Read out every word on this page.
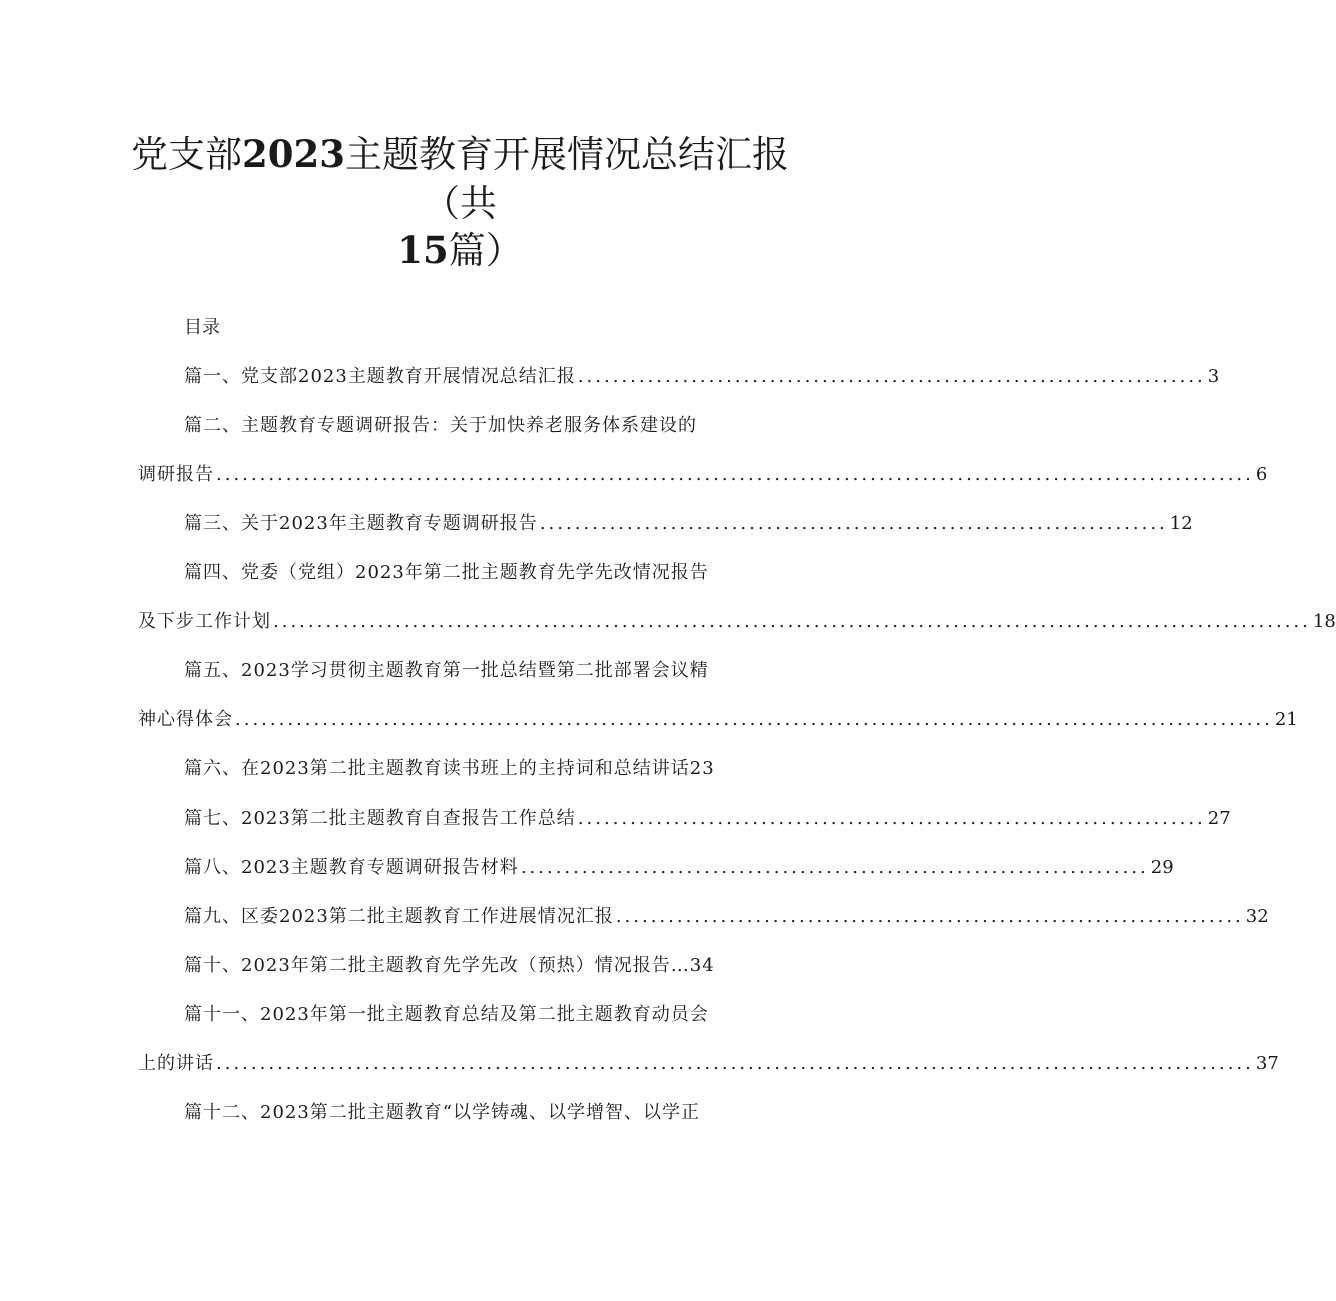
党支部2023主题教育开展情况总结汇报
（共
15篇）
目录
篇一、党支部2023主题教育开展情况总结汇报 ........................................................................ 3
篇二、主题教育专题调研报告：关于加快养老服务体系建设的
调研报告 ....................................................................................................................... 6
篇三、关于2023年主题教育专题调研报告 ........................................................................ 12
篇四、党委（党组）2023年第二批主题教育先学先改情况报告
及下步工作计划 ....................................................................................................................... 18
篇五、2023学习贯彻主题教育第一批总结暨第二批部署会议精
神心得体会 ....................................................................................................................... 21
篇六、在2023第二批主题教育读书班上的主持词和总结讲话23
篇七、2023第二批主题教育自查报告工作总结 ........................................................................ 27
篇八、2023主题教育专题调研报告材料 ........................................................................ 29
篇九、区委2023第二批主题教育工作进展情况汇报 ........................................................................ 32
篇十、2023年第二批主题教育先学先改（预热）情况报告…34
篇十一、2023年第一批主题教育总结及第二批主题教育动员会
上的讲话 ....................................................................................................................... 37
篇十二、2023第二批主题教育“以学铸魂、以学增智、以学正
